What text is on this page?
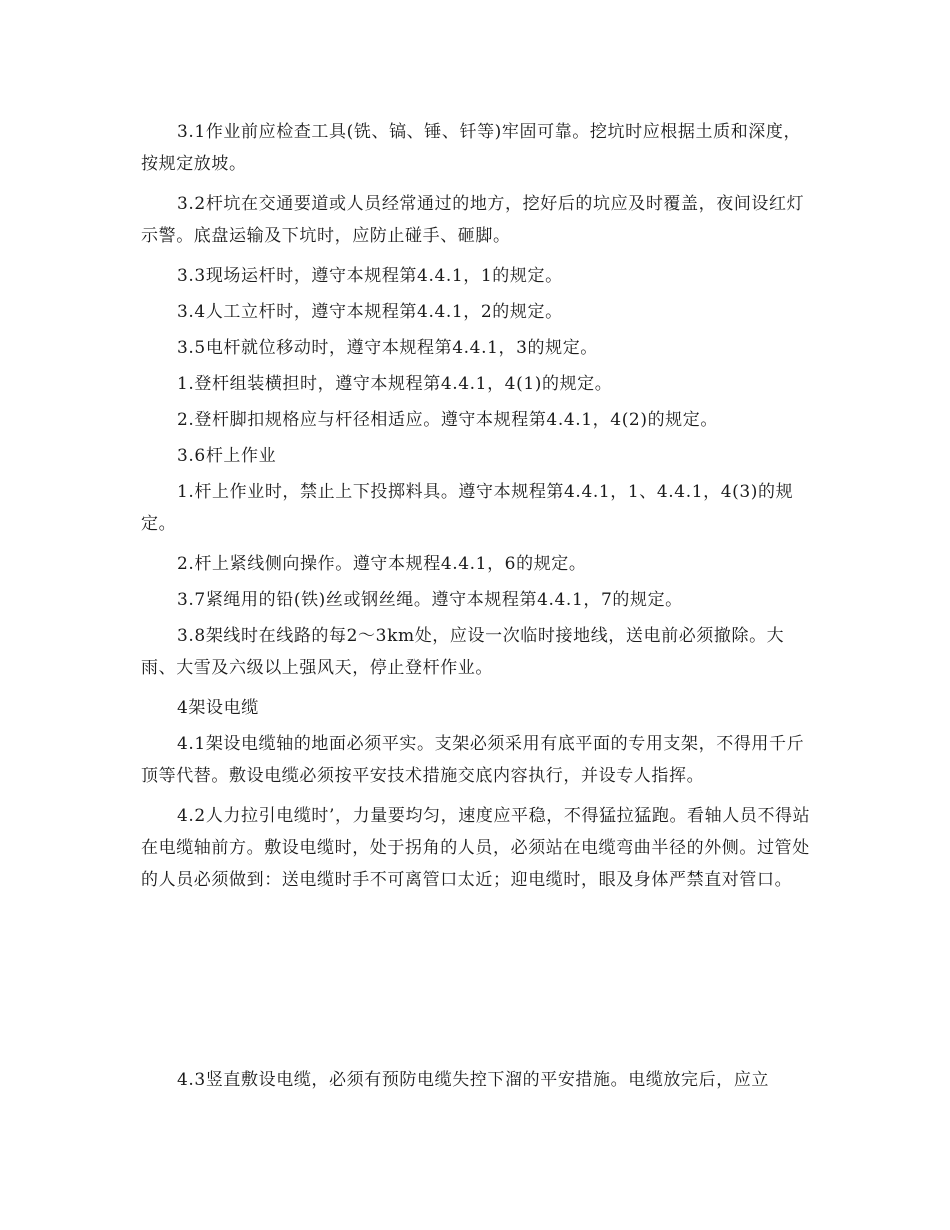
3.1作业前应检查工具(铣、镐、锤、钎等)牢固可靠。挖坑时应根据土质和深度，按规定放坡。

3.2杆坑在交通要道或人员经常通过的地方，挖好后的坑应及时覆盖，夜间设红灯示警。底盘运输及下坑时，应防止碰手、砸脚。

3.3现场运杆时，遵守本规程第4.4.1，1的规定。

3.4人工立杆时，遵守本规程第4.4.1，2的规定。

3.5电杆就位移动时，遵守本规程第4.4.1，3的规定。

1.登杆组装横担时，遵守本规程第4.4.1，4(1)的规定。

2.登杆脚扣规格应与杆径相适应。遵守本规程第4.4.1，4(2)的规定。

3.6杆上作业

1.杆上作业时，禁止上下投掷料具。遵守本规程第4.4.1，1、4.4.1，4(3)的规定。

2.杆上紧线侧向操作。遵守本规程4.4.1，6的规定。

3.7紧绳用的铅(铁)丝或钢丝绳。遵守本规程第4.4.1，7的规定。

3.8架线时在线路的每2～3km处，应设一次临时接地线，送电前必须撤除。大雨、大雪及六级以上强风天，停止登杆作业。

4架设电缆

4.1架设电缆轴的地面必须平实。支架必须采用有底平面的专用支架，不得用千斤顶等代替。敷设电缆必须按平安技术措施交底内容执行，并设专人指挥。

4.2人力拉引电缆时’，力量要均匀，速度应平稳，不得猛拉猛跑。看轴人员不得站在电缆轴前方。敷设电缆时，处于拐角的人员，必须站在电缆弯曲半径的外侧。过管处的人员必须做到：送电缆时手不可离管口太近；迎电缆时，眼及身体严禁直对管口。

4.3竖直敷设电缆，必须有预防电缆失控下溜的平安措施。电缆放完后，应立
